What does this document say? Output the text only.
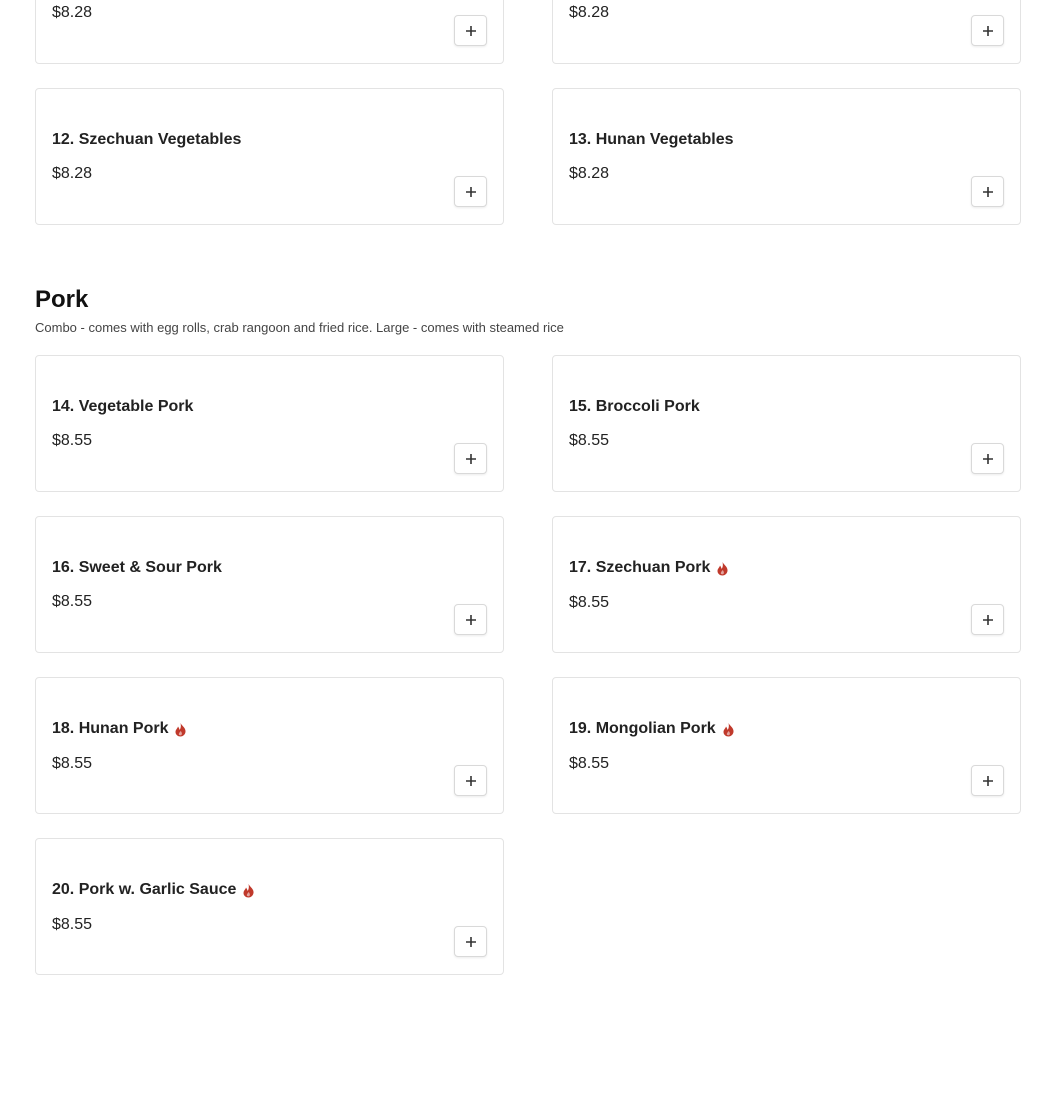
$8.28	$8.28
12. Szechuan Vegetables
$8.28
13. Hunan Vegetables
$8.28
Pork
Combo - comes with egg rolls, crab rangoon and fried rice. Large - comes with steamed rice
14. Vegetable Pork
$8.55
15. Broccoli Pork
$8.55
16. Sweet & Sour Pork
$8.55
17. Szechuan Pork
$8.55
18. Hunan Pork
$8.55
19. Mongolian Pork
$8.55
20. Pork w. Garlic Sauce
$8.55
